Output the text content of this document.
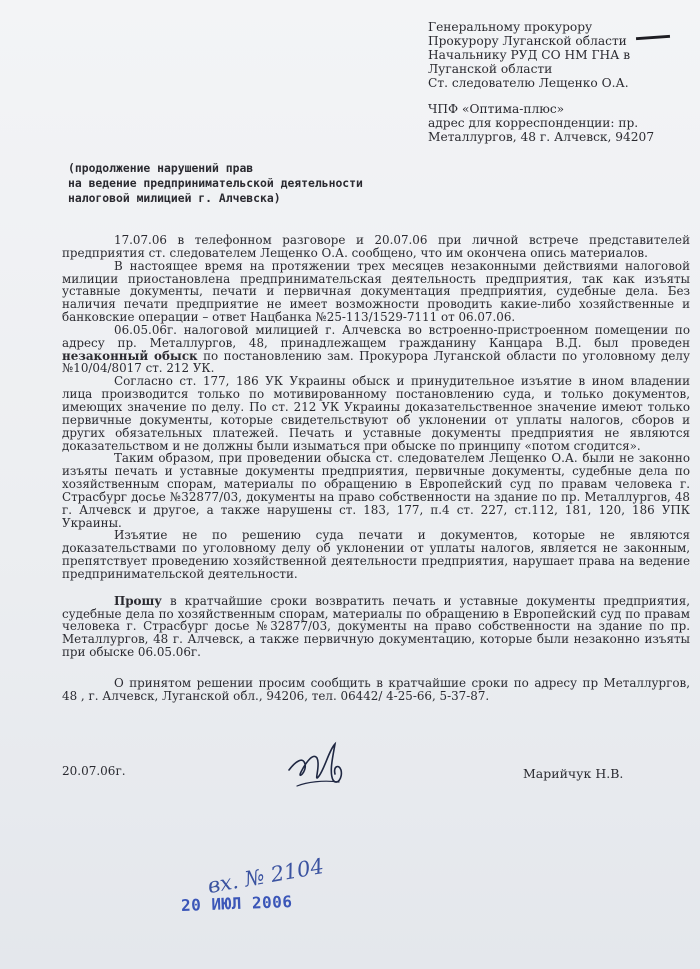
Генеральному прокурору
Прокурору Луганской области
Начальнику РУД СО НМ ГНА в
Луганской области
Ст. следователю Лещенко О.А.
ЧПФ «Оптима-плюс»
адрес для корреспонденции: пр.
Металлургов, 48 г. Алчевск, 94207
(продолжение нарушений прав
на ведение предпринимательской деятельности
налоговой милицией г. Алчевска)

17.07.06 в телефонном разговоре и 20.07.06 при личной встрече представителей предприятия ст. следователем Лещенко О.А. сообщено, что им окончена опись материалов.

В настоящее время на протяжении трех месяцев незаконными действиями налоговой милиции приостановлена предпринимательская деятельность предприятия, так как изъяты уставные документы, печати и первичная документация предприятия, судебные дела. Без наличия печати предприятие не имеет возможности проводить какие-либо хозяйственные и банковские операции – ответ Нацбанка №25-113/1529-7111 от 06.07.06.

06.05.06г. налоговой милицией г. Алчевска во встроенно-пристроенном помещении по адресу пр. Металлургов, 48, принадлежащем гражданину Канцара В.Д. был проведен незаконный обыск по постановлению зам. Прокурора Луганской области по уголовному делу №10/04/8017 ст. 212 УК.

Согласно ст. 177, 186 УК Украины обыск и принудительное изъятие в ином владении лица производится только по мотивированному постановлению суда, и только документов, имеющих значение по делу. По ст. 212 УК Украины доказательственное значение имеют только первичные документы, которые свидетельствуют об уклонении от уплаты налогов, сборов и других обязательных платежей. Печать и уставные документы предприятия не являются доказательством и не должны были изыматься при обыске по принципу «потом сгодится».

Таким образом, при проведении обыска ст. следователем Лещенко О.А. были не законно изъяты печать и уставные документы предприятия, первичные документы, судебные дела по хозяйственным спорам, материалы по обращению в Европейский суд по правам человека г. Страсбург досье №32877/03, документы на право собственности на здание по пр. Металлургов, 48 г. Алчевск и другое, а также нарушены ст. 183, 177, п.4 ст. 227, ст.112, 181, 120, 186 УПК Украины.

Изъятие не по решению суда печати и документов, которые не являются доказательствами по уголовному делу об уклонении от уплаты налогов, является не законным, препятствует проведению хозяйственной деятельности предприятия, нарушает права на ведение предпринимательской деятельности.

Прошу в кратчайшие сроки возвратить печать и уставные документы предприятия, судебные дела по хозяйственным спорам, материалы по обращению в Европейский суд по правам человека г. Страсбург досье №32877/03, документы на право собственности на здание по пр. Металлургов, 48 г. Алчевск, а также первичную документацию, которые были незаконно изъяты при обыске 06.05.06г.

О принятом решении просим сообщить в кратчайшие сроки по адресу пр Металлургов, 48 , г. Алчевск, Луганской обл., 94206, тел. 06442/ 4-25-66, 5-37-87.

20.07.06г.	Марийчук Н.В.
вх. № 2104
20 ИЮЛ 2006
